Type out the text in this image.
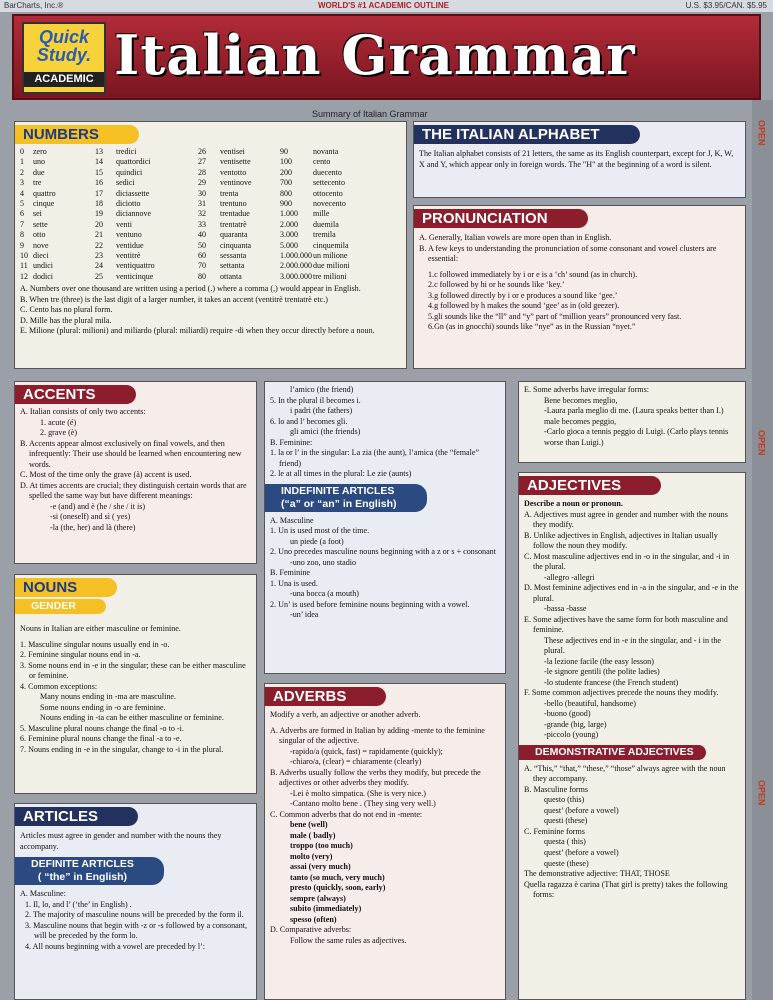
BarCharts, Inc.®	WORLD'S #1 ACADEMIC OUTLINE	U.S. $3.95/CAN. $5.95
Quick
Study.
ACADEMIC Italian Grammar
OPEN
OPEN
OPEN
Summary of Italian Grammar
NUMBERS
0	zero	13	tredici	26	ventisei	90	novanta
1	uno	14	quattordici	27	ventisette	100	cento
2	due	15	quindici	28	ventotto	200	duecento
3	tre	16	sedici	29	ventinove	700	settecento
4	quattro	17	diciassette	30	trenta	800	ottocento
5	cinque	18	diciotto	31	trentuno	900	novecento
6	sei	19	diciannove	32	trentadue	1.000	mille
7	sette	20	venti	33	trentatrè	2.000	duemila
8	otto	21	ventuno	40	quaranta	3.000	tremila
9	nove	22	ventidue	50	cinquanta	5.000	cinquemila
10 dieci	23	ventitrè	60	sessanta	1.000.000 un milione
11 undici	24	ventiquattro	70	settanta	2.000.000 due milioni
12 dodici	25	venticinque	80	ottanta	3.000.000 tre milioni

A. Numbers over one thousand are written using a period (.) where a comma (,) would appear in English.

B. When tre (three) is the last digit of a larger number, it takes an accent (ventitrè trentatrè etc.)

C. Cento has no plural form.

D. Mille has the plural mila.

E. Milione (plural: milioni) and miliardo (plural: miliardi) require -di when they occur directly before a noun.

THE ITALIAN ALPHABET

The Italian alphabet consists of 21 letters, the same as its English counterpart, except for J, K, W, X and Y, which appear only in foreign words. The "H" at the beginning of a word is silent.

PRONUNCIATION

A. Generally, Italian vowels are more open than in English.

B. A few keys to understanding the pronunciation of some consonant and vowel clusters are essential:

1.c followed immediately by i or e is a ‘ch’ sound (as in church).

2.c followed by hi or he sounds like ‘key.’

3.g followed directly by i or e produces a sound like ‘gee.’

4.g followed by h makes the sound ‘gee’ as in (old geezer).

5.gli sounds like the “ll” and “y” part of “million years” pronounced very fast.

6.Gn (as in gnocchi) sounds like “nye” as in the Russian “nyet.”

ACCENTS

A. Italian consists of only two accents:

1. acute (é)

2. grave (è)

B. Accents appear almost exclusively on final vowels, and then infrequently: Their use should be learned when encountering new words.

C. Most of the time only the grave (à) accent is used.

D. At times accents are crucial; they distinguish certain words that are spelled the same way but have different meanings:

-e (and) and è (he / she / it is)

-si (oneself) and sì ( yes)

-la (the, her) and là (there)

NOUNS
GENDER

Nouns in Italian are either masculine or feminine.

1. Masculine singular nouns usually end in -o.

2. Feminine singular nouns end in -a.

3. Some nouns end in -e in the singular; these can be either masculine or feminine.

4. Common exceptions:

Many nouns ending in -ma are masculine.

Some nouns ending in -o are feminine.

Nouns ending in -ta can be either masculine or feminine.

5. Masculine plural nouns change the final -o to -i.

6. Feminine plural nouns change the final -a to -e.

7. Nouns ending in -e in the singular, change to -i in the plural.

ARTICLES

Articles must agree in gender and number with the nouns they accompany.

DEFINITE ARTICLES
( “the” in English)

A. Masculine:

1. Il, lo, and l’ (‘the’ in English) .

2. The majority of masculine nouns will be preceded by the form il.

3. Masculine nouns that begin with -z or -s followed by a consonant, will be preceded by the form lo.

4. All nouns beginning with a vowel are preceded by l’:

l’amico (the friend)

5. In the plural il becomes i.

i padri (the fathers)

6. lo and l’ becomes gli.

gli amici (the friends)

B. Feminine:

1. la or l’ in the singular: La zia (the aunt), l’amica (the “female” friend)

2. le at all times in the plural: Le zie (aunts)

INDEFINITE ARTICLES
(“a” or “an” in English)

A. Masculine

1. Un is used most of the time.

un piede (a foot)

2. Uno precedes masculine nouns beginning with a z or s + consonant

-uno zoo, uno stadio

B. Feminine

1. Una is used.

-una bocca (a mouth)

2. Un’ is used before feminine nouns beginning with a vowel.

-un’ idea

ADVERBS

Modify a verb, an adjective or another adverb.

A. Adverbs are formed in Italian by adding -mente to the feminine singular of the adjective.

-rapido/a (quick, fast) = rapidamente (quickly);

-chiaro/a, (clear) = chiaramente (clearly)

B. Adverbs usually follow the verbs they modify, but precede the adjectives or other adverbs they modify.

-Lei è molto simpatica. (She is very nice.)

-Cantano molto bene . (They sing very well.)

C. Common adverbs that do not end in -mente:

bene (well)

male ( badly)

troppo (too much)

molto (very)

assai (very much)

tanto (so much, very much)

presto (quickly, soon, early)

sempre (always)

subito (immediately)

spesso (often)

D. Comparative adverbs:

Follow the same rules as adjectives.

E. Some adverbs have irregular forms:

Bene becomes meglio,

-Laura parla meglio di me. (Laura speaks better than I.)

male becomes peggio,

-Carlo gioca a tennis peggio di Luigi. (Carlo plays tennis worse than Luigi.)

ADJECTIVES

Describe a noun or pronoun.

A. Adjectives must agree in gender and number with the nouns they modify.

B. Unlike adjectives in English, adjectives in Italian usually follow the noun they modify.

C. Most masculine adjectives end in -o in the singular, and -i in the plural.

-allegro -allegri

D. Most feminine adjectives end in -a in the singular, and -e in the plural.

-bassa -basse

E. Some adjectives have the same form for both masculine and feminine.

These adjectives end in -e in the singular, and - i in the plural.

-la lezione facile (the easy lesson)

-le signore gentili (the polite ladies)

-lo studente francese (the French student)

F. Some common adjectives precede the nouns they modify.

-bello (beautiful, handsome)

-buono (good)

-grande (big, large)

-piccolo (young)

DEMONSTRATIVE ADJECTIVES

A. “This,” “that,” “these,” “those” always agree with the noun they accompany.

B. Masculine forms

questo (this)

quest’ (before a vowel)

questi (these)

C. Feminine forms

questa ( this)

quest’ (before a vowel)

queste (these)

The demonstrative adjective: THAT, THOSE

Quella ragazza è carina (That girl is pretty) takes the following forms:
